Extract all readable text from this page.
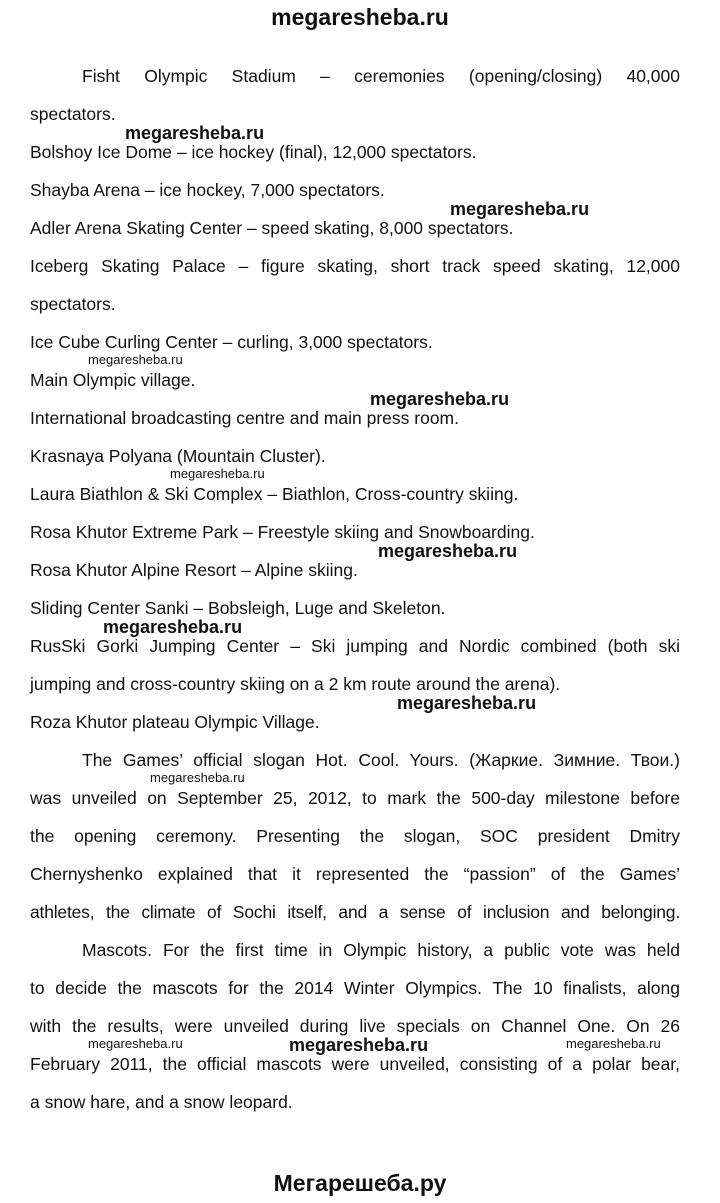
megaresheba.ru
Fisht Olympic Stadium – ceremonies (opening/closing) 40,000
spectators.
Bolshoy Ice Dome – ice hockey (final), 12,000 spectators.
Shayba Arena – ice hockey, 7,000 spectators.
Adler Arena Skating Center – speed skating, 8,000 spectators.
Iceberg Skating Palace – figure skating, short track speed skating, 12,000
spectators.
Ice Cube Curling Center – curling, 3,000 spectators.
Main Olympic village.
International broadcasting centre and main press room.
Krasnaya Polyana (Mountain Cluster).
Laura Biathlon & Ski Complex – Biathlon, Cross-country skiing.
Rosa Khutor Extreme Park – Freestyle skiing and Snowboarding.
Rosa Khutor Alpine Resort – Alpine skiing.
Sliding Center Sanki – Bobsleigh, Luge and Skeleton.
RusSki Gorki Jumping Center – Ski jumping and Nordic combined (both ski
jumping and cross-country skiing on a 2 km route around the arena).
Roza Khutor plateau Olympic Village.
The Games’ official slogan Hot. Cool. Yours. (Жаркие. Зимние. Твои.)
was unveiled on September 25, 2012, to mark the 500-day milestone before
the opening ceremony. Presenting the slogan, SOC president Dmitry
Chernyshenko explained that it represented the “passion” of the Games’
athletes, the climate of Sochi itself, and a sense of inclusion and belonging.
Mascots. For the first time in Olympic history, a public vote was held
to decide the mascots for the 2014 Winter Olympics. The 10 finalists, along
with the results, were unveiled during live specials on Channel One. On 26
February 2011, the official mascots were unveiled, consisting of a polar bear,
a snow hare, and a snow leopard.
megaresheba.ru
megaresheba.ru
megaresheba.ru
megaresheba.ru
megaresheba.ru
megaresheba.ru
megaresheba.ru
megaresheba.ru
megaresheba.ru
megaresheba.ru
megaresheba.ru	megaresheba.ru
Мегарешеба.ру
